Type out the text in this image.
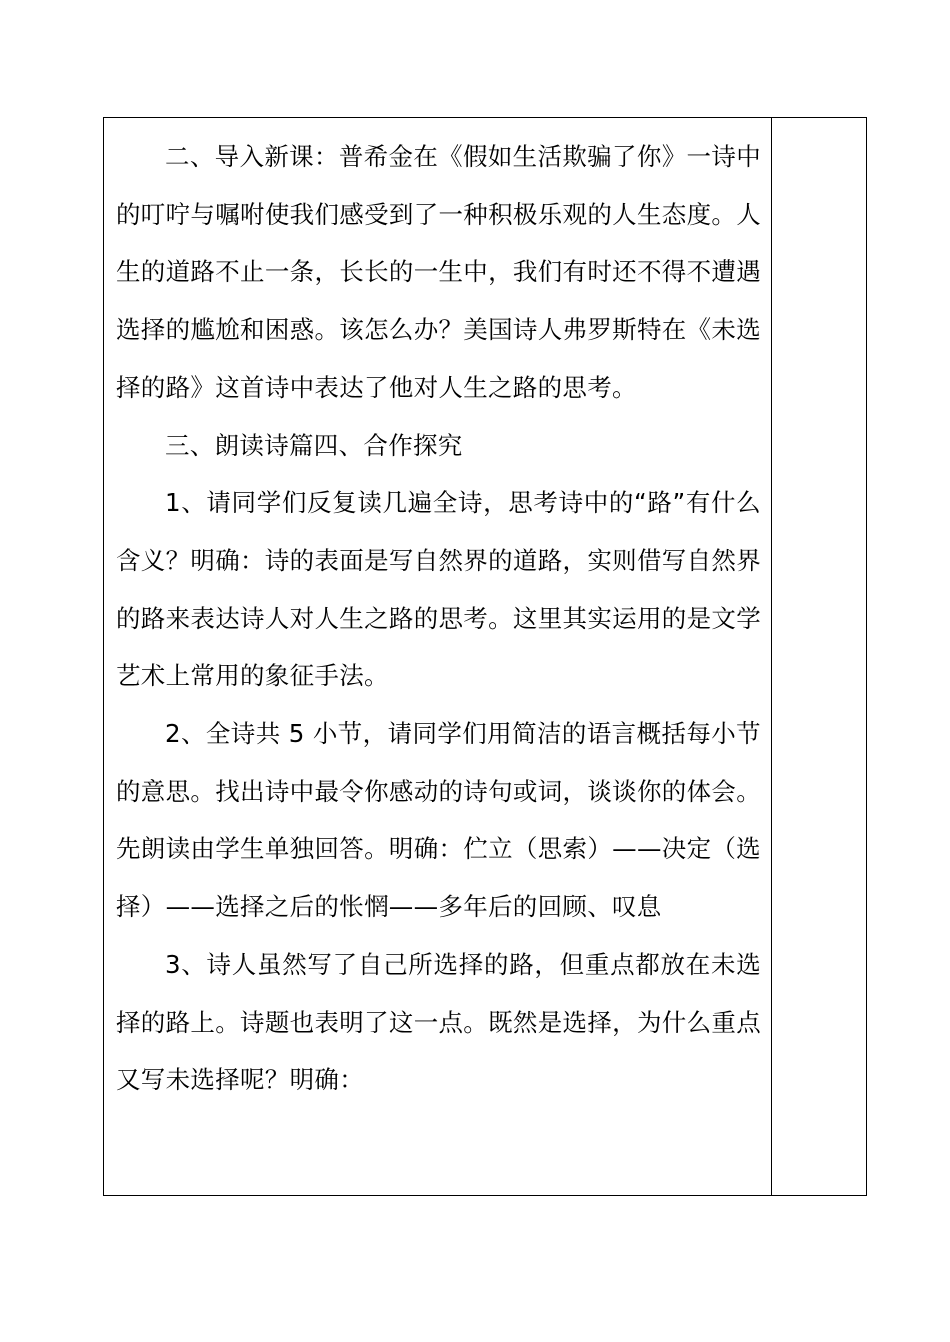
二、导入新课：普希金在《假如生活欺骗了你》一诗中的叮咛与嘱咐使我们感受到了一种积极乐观的人生态度。人生的道路不止一条，长长的一生中，我们有时还不得不遭遇选择的尴尬和困惑。该怎么办？美国诗人弗罗斯特在《未选择的路》这首诗中表达了他对人生之路的思考。

三、朗读诗篇四、合作探究

1、请同学们反复读几遍全诗，思考诗中的“路”有什么含义？明确：诗的表面是写自然界的道路，实则借写自然界的路来表达诗人对人生之路的思考。这里其实运用的是文学艺术上常用的象征手法。

2、全诗共 5 小节，请同学们用简洁的语言概括每小节的意思。找出诗中最令你感动的诗句或词，谈谈你的体会。 先朗读由学生单独回答。明确：伫立（思索）——决定（选择）——选择之后的怅惘——多年后的回顾、叹息

3、诗人虽然写了自己所选择的路，但重点都放在未选择的路上。诗题也表明了这一点。既然是选择，为什么重点又写未选择呢？明确：
